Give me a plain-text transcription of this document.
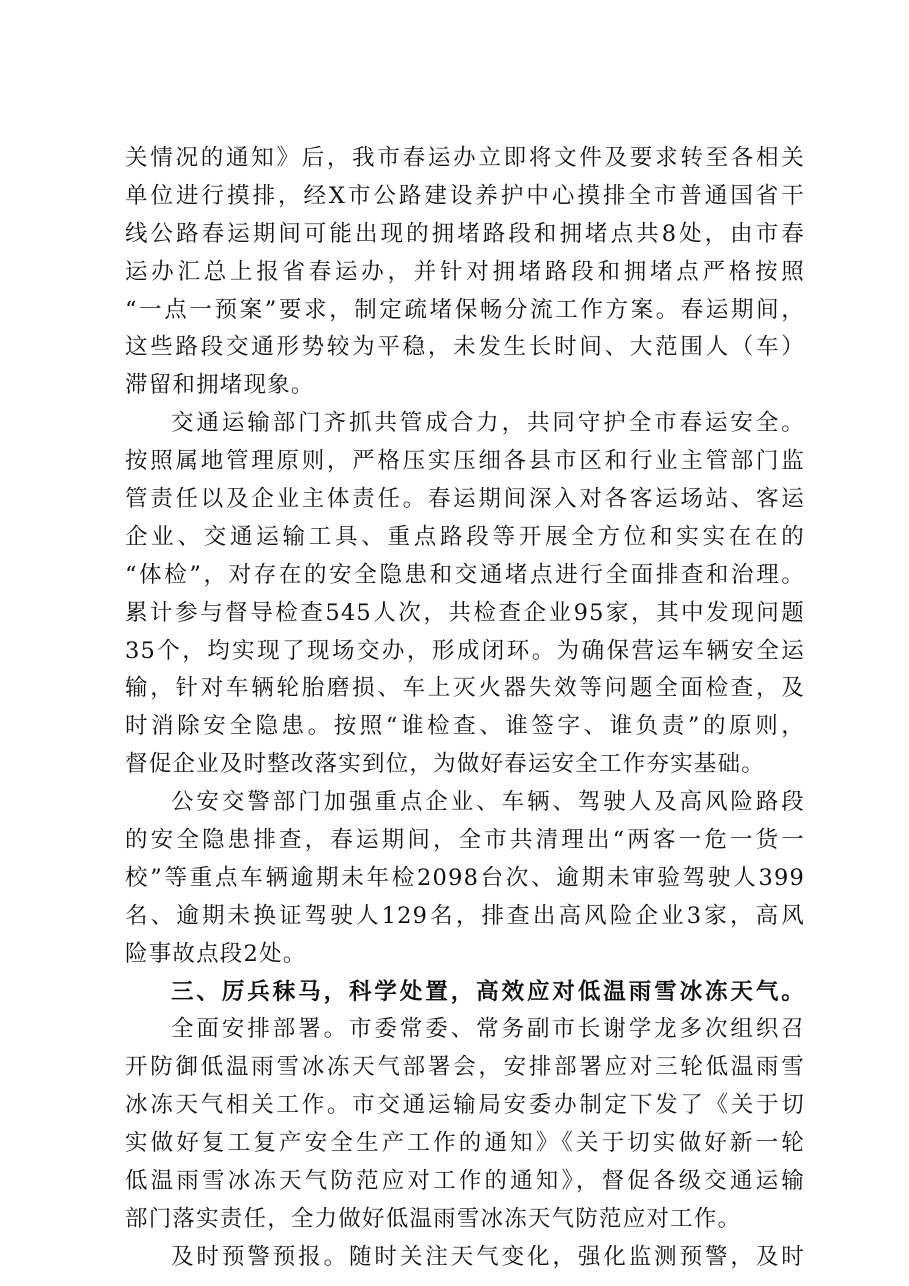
关情况的通知》后，我市春运办立即将文件及要求转至各相关
单位进行摸排，经X市公路建设养护中心摸排全市普通国省干
线公路春运期间可能出现的拥堵路段和拥堵点共8处，由市春
运办汇总上报省春运办，并针对拥堵路段和拥堵点严格按照
“一点一预案”要求，制定疏堵保畅分流工作方案。春运期间，
这些路段交通形势较为平稳，未发生长时间、大范围人（车）
滞留和拥堵现象。
交通运输部门齐抓共管成合力，共同守护全市春运安全。
按照属地管理原则，严格压实压细各县市区和行业主管部门监
管责任以及企业主体责任。春运期间深入对各客运场站、客运
企业、交通运输工具、重点路段等开展全方位和实实在在的
“体检”，对存在的安全隐患和交通堵点进行全面排查和治理。
累计参与督导检查545人次，共检查企业95家，其中发现问题
35个，均实现了现场交办，形成闭环。为确保营运车辆安全运
输，针对车辆轮胎磨损、车上灭火器失效等问题全面检查，及
时消除安全隐患。按照“谁检查、谁签字、谁负责”的原则，
督促企业及时整改落实到位，为做好春运安全工作夯实基础。
公安交警部门加强重点企业、车辆、驾驶人及高风险路段
的安全隐患排查，春运期间，全市共清理出“两客一危一货一
校”等重点车辆逾期未年检2098台次、逾期未审验驾驶人399
名、逾期未换证驾驶人129名，排查出高风险企业3家，高风
险事故点段2处。
三、厉兵秣马，科学处置，高效应对低温雨雪冰冻天气。
全面安排部署。市委常委、常务副市长谢学龙多次组织召
开防御低温雨雪冰冻天气部署会，安排部署应对三轮低温雨雪
冰冻天气相关工作。市交通运输局安委办制定下发了《关于切
实做好复工复产安全生产工作的通知》《关于切实做好新一轮
低温雨雪冰冻天气防范应对工作的通知》，督促各级交通运输
部门落实责任，全力做好低温雨雪冰冻天气防范应对工作。
及时预警预报。随时关注天气变化，强化监测预警，及时
